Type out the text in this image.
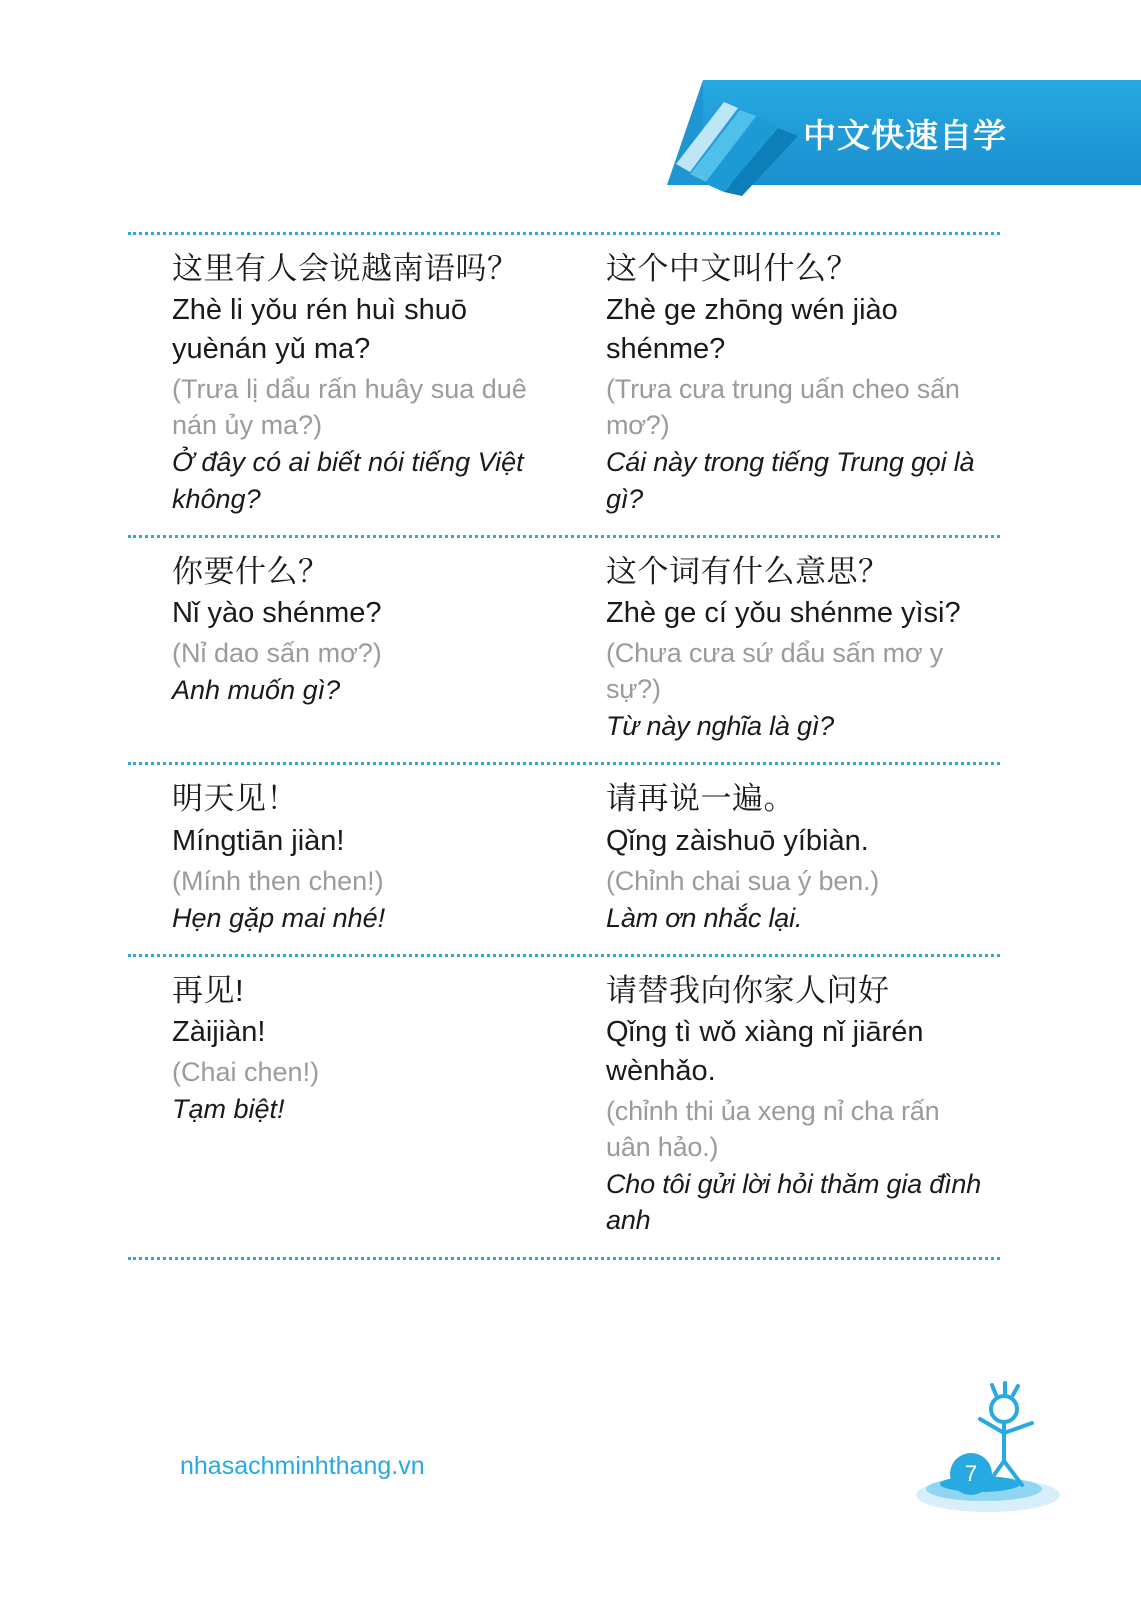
中文快速自学
这里有人会说越南语吗？
Zhè li yǒu rén huì shuō yuènán yǔ ma?
(Trưa lị dẩu rấn huây sua duê nán ủy ma?)
Ở đây có ai biết nói tiếng Việt không?
这个中文叫什么？
Zhè ge zhōng wén jiào shénme?
(Trưa cưa trung uấn cheo sấn mơ?)
Cái này trong tiếng Trung gọi là gì?
你要什么？
Nǐ yào shénme?
(Nỉ dao sấn mơ?)
Anh muốn gì?
这个词有什么意思？
Zhè ge cí yǒu shénme yìsi?
(Chưa cưa sứ dẩu sấn mơ y sự?)
Từ này nghĩa là gì?
明天见！
Míngtiān jiàn!
(Mính then chen!)
Hẹn gặp mai nhé!
请再说一遍。
Qǐng zàishuō yíbiàn.
(Chỉnh chai sua ý ben.)
Làm ơn nhắc lại.
再见!
Zàijiàn!
(Chai chen!)
Tạm biệt!
请替我向你家人问好
Qǐng tì wǒ xiàng nǐ jiārén wènhǎo.
(chỉnh thi ủa xeng nỉ cha rấn uân hảo.)
Cho tôi gửi lời hỏi thăm gia đình anh
nhasachminhthang.vn	7
